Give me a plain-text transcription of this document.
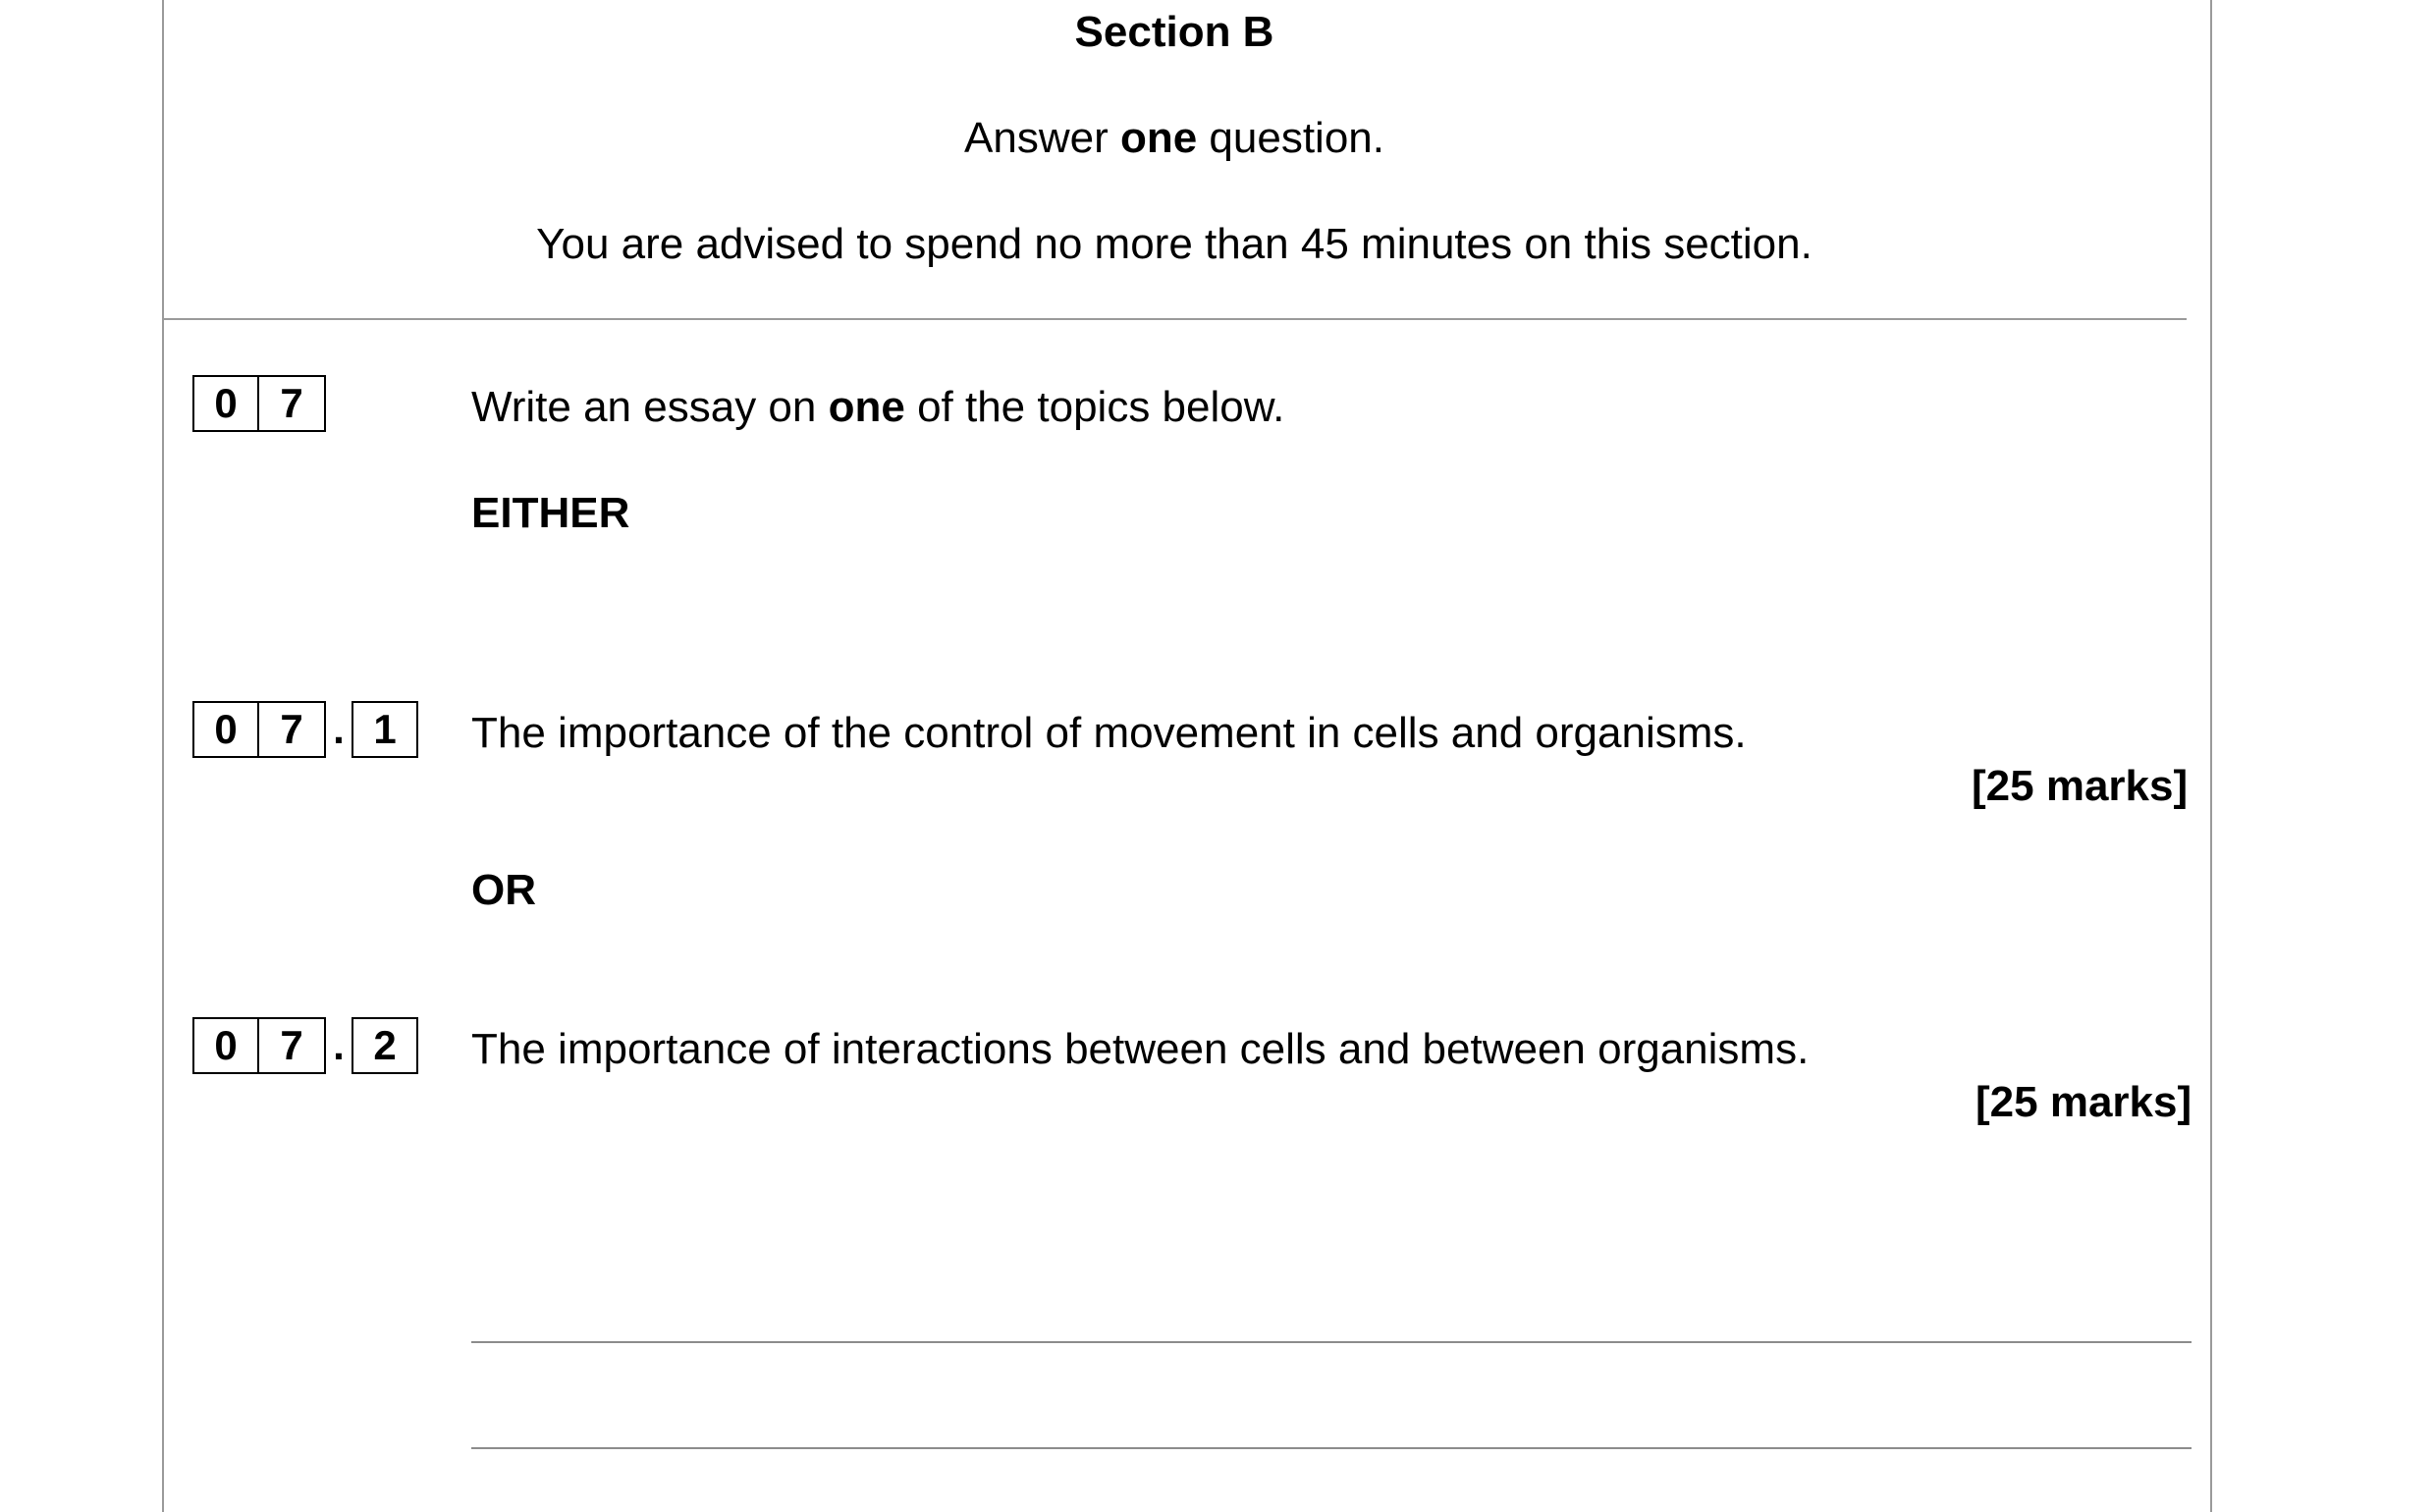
Section B
Answer one question.
You are advised to spend no more than 45 minutes on this section.
0	7	Write an essay on one of the topics below.
EITHER
0	7 . 1	The importance of the control of movement in cells and organisms.
[25 marks]
OR
0	7 . 2	The importance of interactions between cells and between organisms.
[25 marks]
